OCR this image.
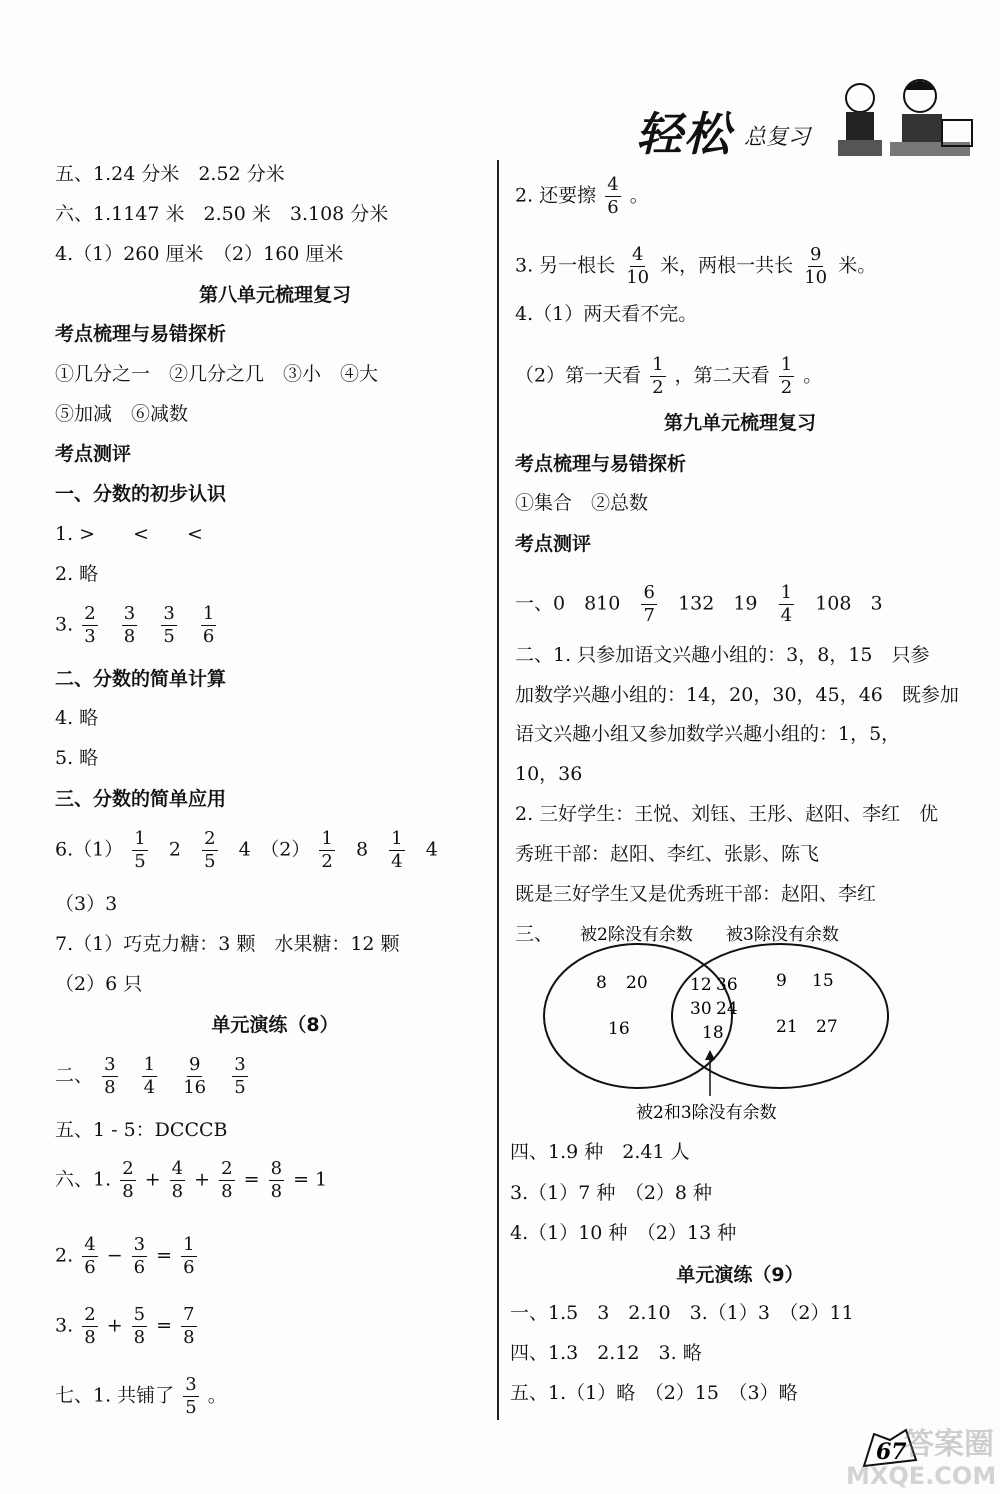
轻松 总复习
五、1.24 分米　2.52 分米
六、1.1147 米　2.50 米　3.108 分米
4.（1）260 厘米　（2）160 厘米
第八单元梳理复习
考点梳理与易错探析
①几分之一　②几分之几　③小　④大
⑤加减　⑥减数
考点测评
一、分数的初步认识
1. >　　<　　<
2. 略
3. $\frac{2}{3}$
$\frac{3}{8}$
$\frac{3}{5}$
$\frac{1}{6}$
二、分数的简单计算
4. 略
5. 略
三、分数的简单应用
$6.(1) \frac{1}{5} 2 \frac{2}{5} 4$　$(2) \frac{1}{2} 8 \frac{1}{4} 4$
（3）3
7.（1）巧克力糖：3 颗　水果糖：12 颗
（2）6 只
单元演练（8）
二、 $\frac{3}{8}$
$\frac{1}{4}$
$\frac{9}{16}$
$\frac{3}{5}$
五、1 - 5：DCCCB
六、1. $\frac{2}{8} + \frac{4}{8} + \frac{2}{8} = \frac{8}{8} = 1$
2. $\frac{4}{6} - \frac{3}{6} = \frac{1}{6}$
3. $\frac{2}{8} + \frac{5}{8} = \frac{7}{8}$
七、1. 共铺了 $\frac{3}{5}$ 。
2. 还要擦 $\frac{4}{6}$ 。
3. 另一根长 $\frac{4}{10}$ 米，两根一共长 $\frac{9}{10}$ 米。
4.（1）两天看不完。
（2）第一天看 $\frac{1}{2}$ ，第二天看 $\frac{1}{2}$ 。
第九单元梳理复习
考点梳理与易错探析
①集合　②总数
考点测评
一、0　$810 \frac{6}{7} 132$　$19 \frac{1}{4} 108$　3
二、1. 只参加语文兴趣小组的：3，8，15　只参
加数学兴趣小组的：14，20，30，45，46　既参加
语文兴趣小组又参加数学兴趣小组的：1，5，
10，36
2. 三好学生：王悦、刘钰、王彤、赵阳、李红　优
秀班干部：赵阳、李红、张影、陈飞
既是三好学生又是优秀班干部：赵阳、李红
三、 被2除没有余数 被3除没有余数
8 20
16
12 36
30 24
18
9 15
21 27
被2和3除没有余数
四、1.9 种　2.41 人
3.（1）7 种　（2）8 种
4.（1）10 种　（2）13 种
单元演练（9）
一、1.5　3　2.10　3.（1）3　（2）11
四、1.3　2.12　3. 略
五、1.（1）略　（2）15　（3）略
67
答案圈
MXQE.COM
